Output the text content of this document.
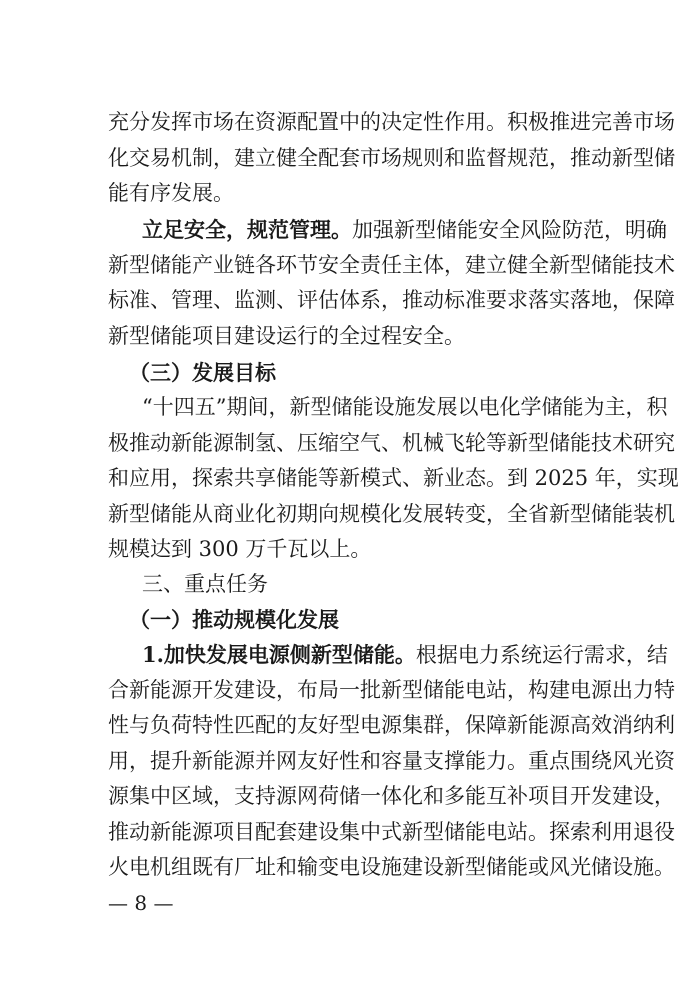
充分发挥市场在资源配置中的决定性作用。积极推进完善市场
化交易机制，建立健全配套市场规则和监督规范，推动新型储
能有序发展。
立足安全，规范管理。加强新型储能安全风险防范，明确
新型储能产业链各环节安全责任主体，建立健全新型储能技术
标准、管理、监测、评估体系，推动标准要求落实落地，保障
新型储能项目建设运行的全过程安全。
（三）发展目标
“十四五”期间，新型储能设施发展以电化学储能为主，积
极推动新能源制氢、压缩空气、机械飞轮等新型储能技术研究
和应用，探索共享储能等新模式、新业态。到 2025 年，实现
新型储能从商业化初期向规模化发展转变，全省新型储能装机
规模达到 300 万千瓦以上。
三、重点任务
（一）推动规模化发展
1.加快发展电源侧新型储能。根据电力系统运行需求，结
合新能源开发建设，布局一批新型储能电站，构建电源出力特
性与负荷特性匹配的友好型电源集群，保障新能源高效消纳利
用，提升新能源并网友好性和容量支撑能力。重点围绕风光资
源集中区域，支持源网荷储一体化和多能互补项目开发建设，
推动新能源项目配套建设集中式新型储能电站。探索利用退役
火电机组既有厂址和输变电设施建设新型储能或风光储设施。
— 8 —
